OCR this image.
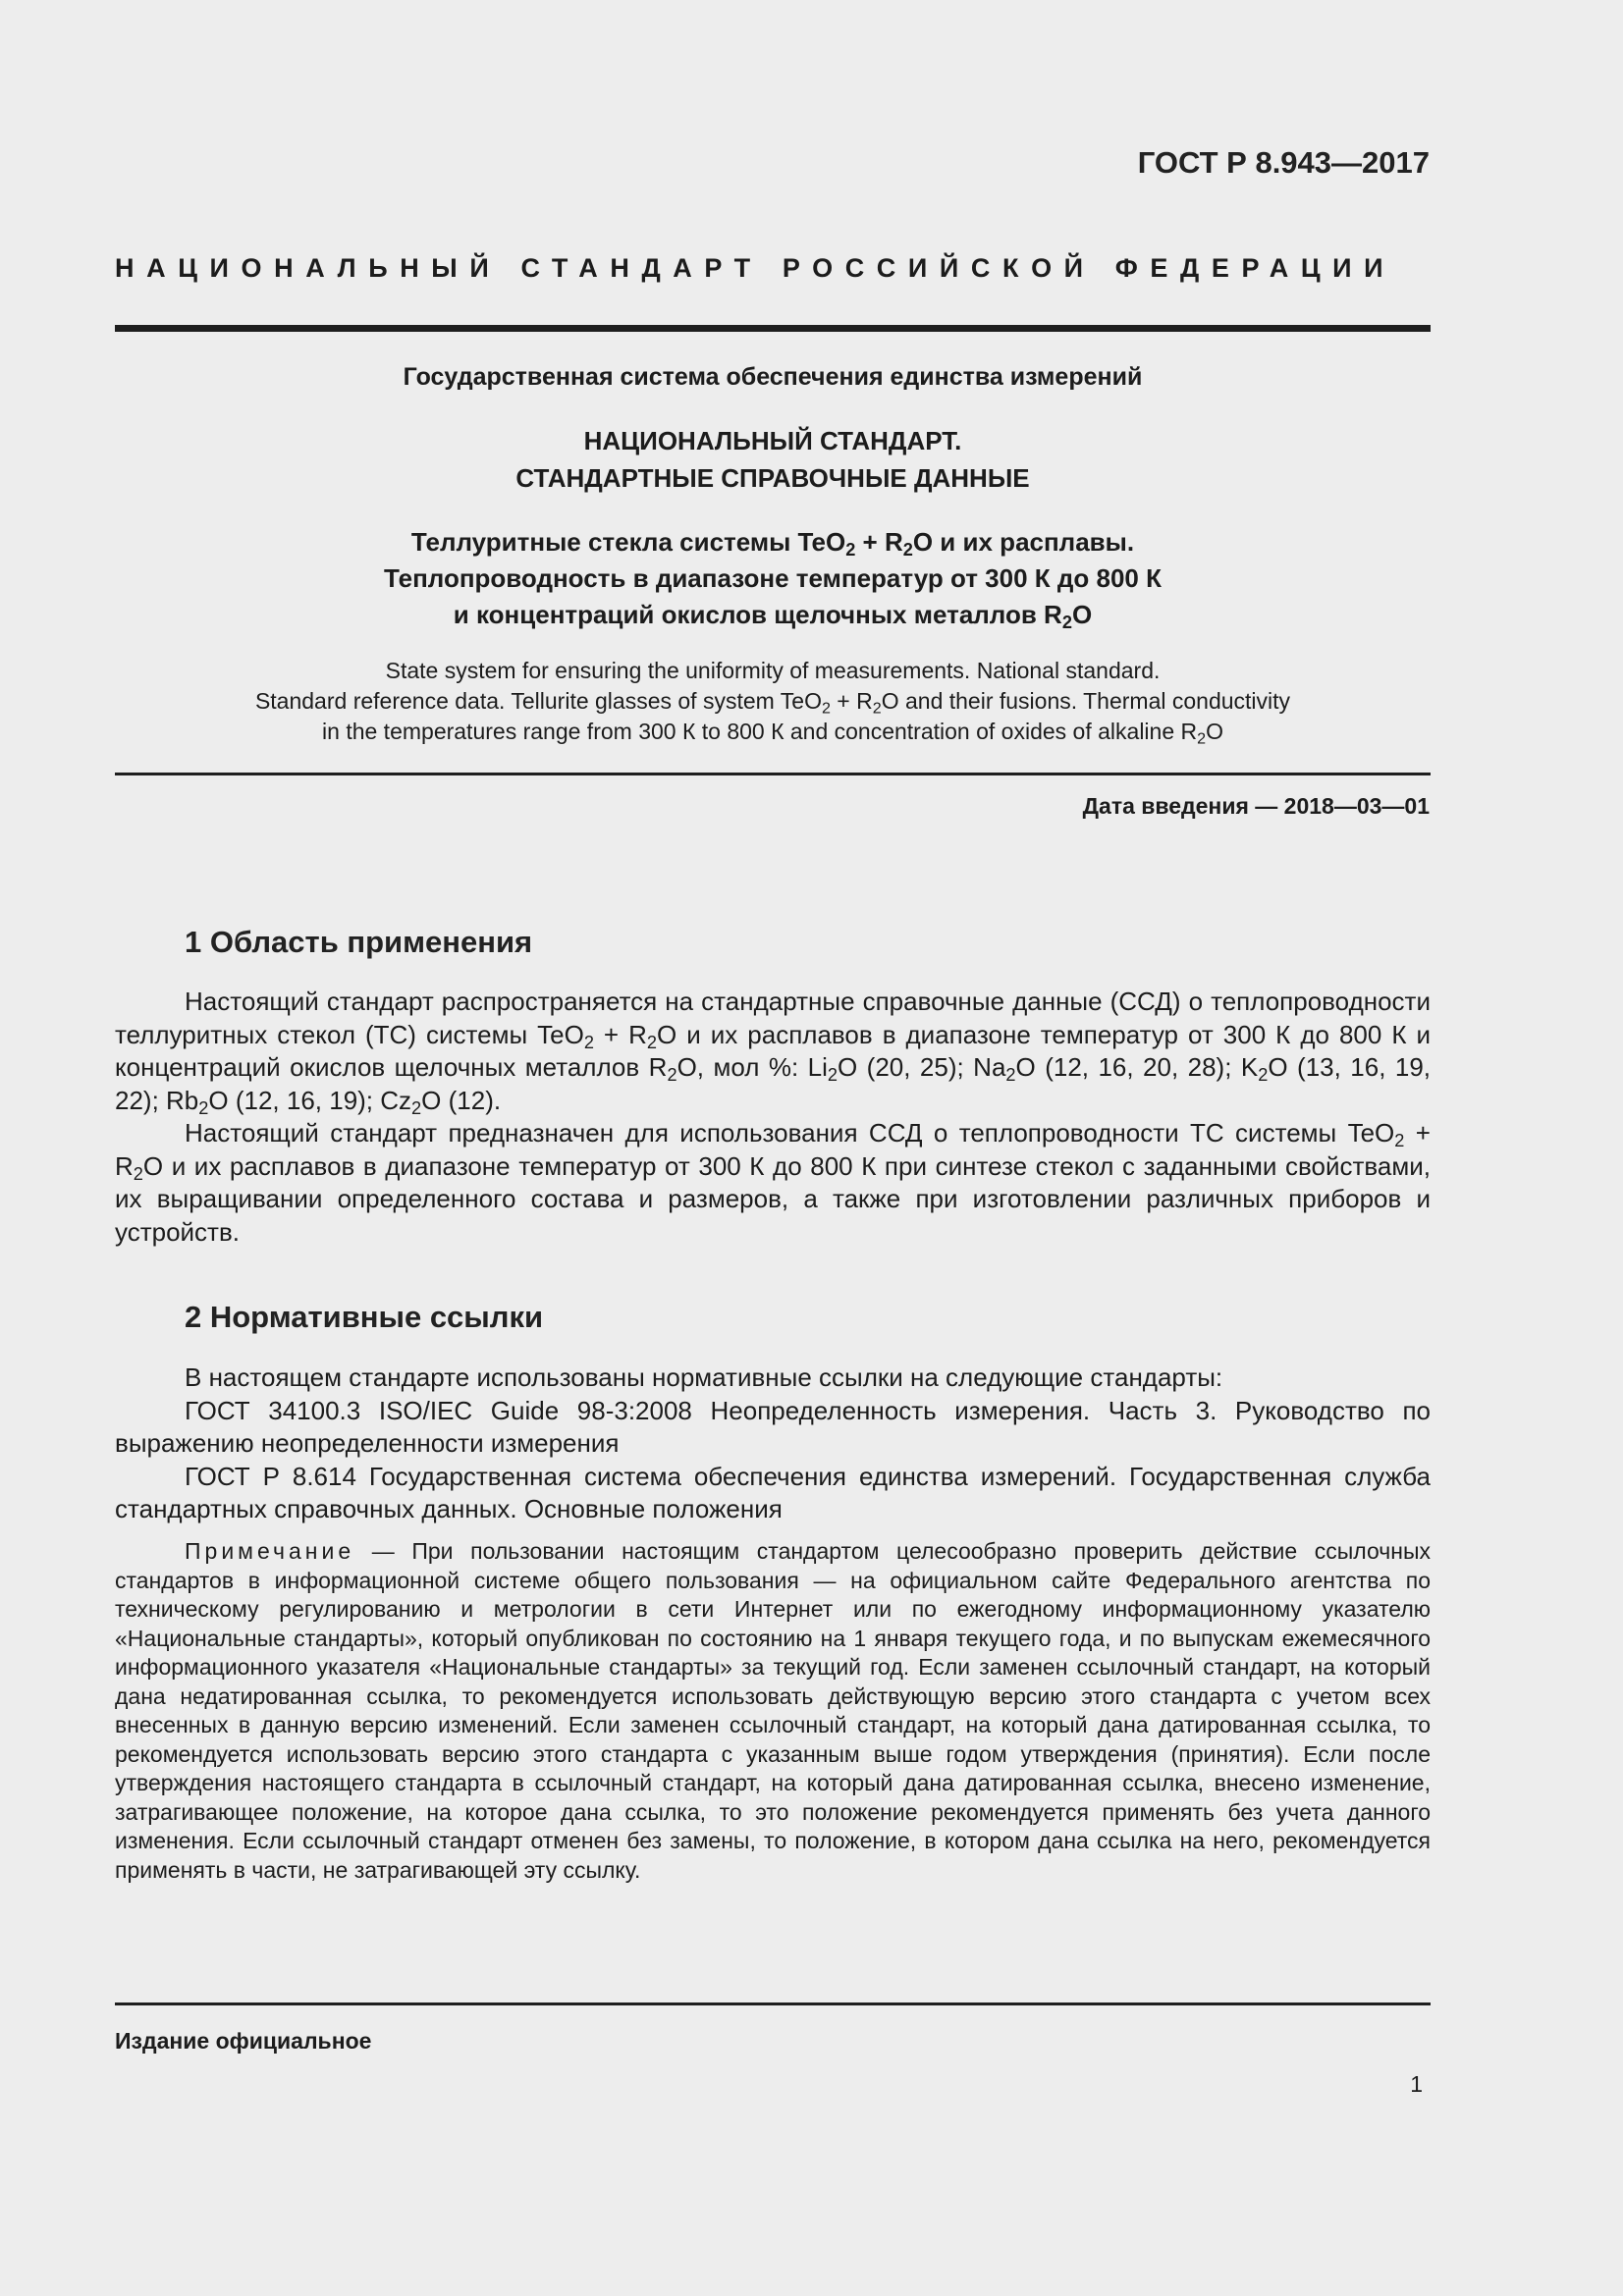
ГОСТ Р 8.943—2017
НАЦИОНАЛЬНЫЙ СТАНДАРТ РОССИЙСКОЙ ФЕДЕРАЦИИ
Государственная система обеспечения единства измерений
НАЦИОНАЛЬНЫЙ СТАНДАРТ.
СТАНДАРТНЫЕ СПРАВОЧНЫЕ ДАННЫЕ
Теллуритные стекла системы $TeO_2 + R_2O$ и их расплавы.
Теплопроводность в диапазоне температур от 300 К до 800 К
и концентраций окислов щелочных металлов $R_2O$
State system for ensuring the uniformity of measurements. National standard.
Standard reference data. Tellurite glasses of system $TeO_2 + R_2O$ and their fusions. Thermal conductivity
in the temperatures range from 300 К to 800 К and concentration of oxides of alkaline $R_2O$
Дата введения — 2018—03—01
1 Область применения

Настоящий стандарт распространяется на стандартные справочные данные (ССД) о теплопроводности теллуритных стекол (ТС) системы $TeO_2 + R_2O$ и их расплавов в диапазоне температур от 300 К до 800 К и концентраций окислов щелочных металлов $R_2O$, мол %: $Li_2O$ (20, 25); $Na_2O$ (12, 16, 20, 28); $K_2O$ (13, 16, 19, 22); $Rb_2O$ (12, 16, 19); $Cz_2O$ (12).

Настоящий стандарт предназначен для использования ССД о теплопроводности ТС системы $TeO_2 + R_2O$ и их расплавов в диапазоне температур от 300 К до 800 К при синтезе стекол с заданными свойствами, их выращивании определенного состава и размеров, а также при изготовлении различных приборов и устройств.

2 Нормативные ссылки

В настоящем стандарте использованы нормативные ссылки на следующие стандарты:

ГОСТ 34100.3 ISO/IEC Guide 98-3:2008 Неопределенность измерения. Часть 3. Руководство по выражению неопределенности измерения

ГОСТ Р 8.614 Государственная система обеспечения единства измерений. Государственная служба стандартных справочных данных. Основные положения

Примечание — При пользовании настоящим стандартом целесообразно проверить действие ссылочных стандартов в информационной системе общего пользования — на официальном сайте Федерального агентства по техническому регулированию и метрологии в сети Интернет или по ежегодному информационному указателю «Национальные стандарты», который опубликован по состоянию на 1 января текущего года, и по выпускам ежемесячного информационного указателя «Национальные стандарты» за текущий год. Если заменен ссылочный стандарт, на который дана недатированная ссылка, то рекомендуется использовать действующую версию этого стандарта с учетом всех внесенных в данную версию изменений. Если заменен ссылочный стандарт, на который дана датированная ссылка, то рекомендуется использовать версию этого стандарта с указанным выше годом утверждения (принятия). Если после утверждения настоящего стандарта в ссылочный стандарт, на который дана датированная ссылка, внесено изменение, затрагивающее положение, на которое дана ссылка, то это положение рекомендуется применять без учета данного изменения. Если ссылочный стандарт отменен без замены, то положение, в котором дана ссылка на него, рекомендуется применять в части, не затрагивающей эту ссылку.

Издание официальное
1
